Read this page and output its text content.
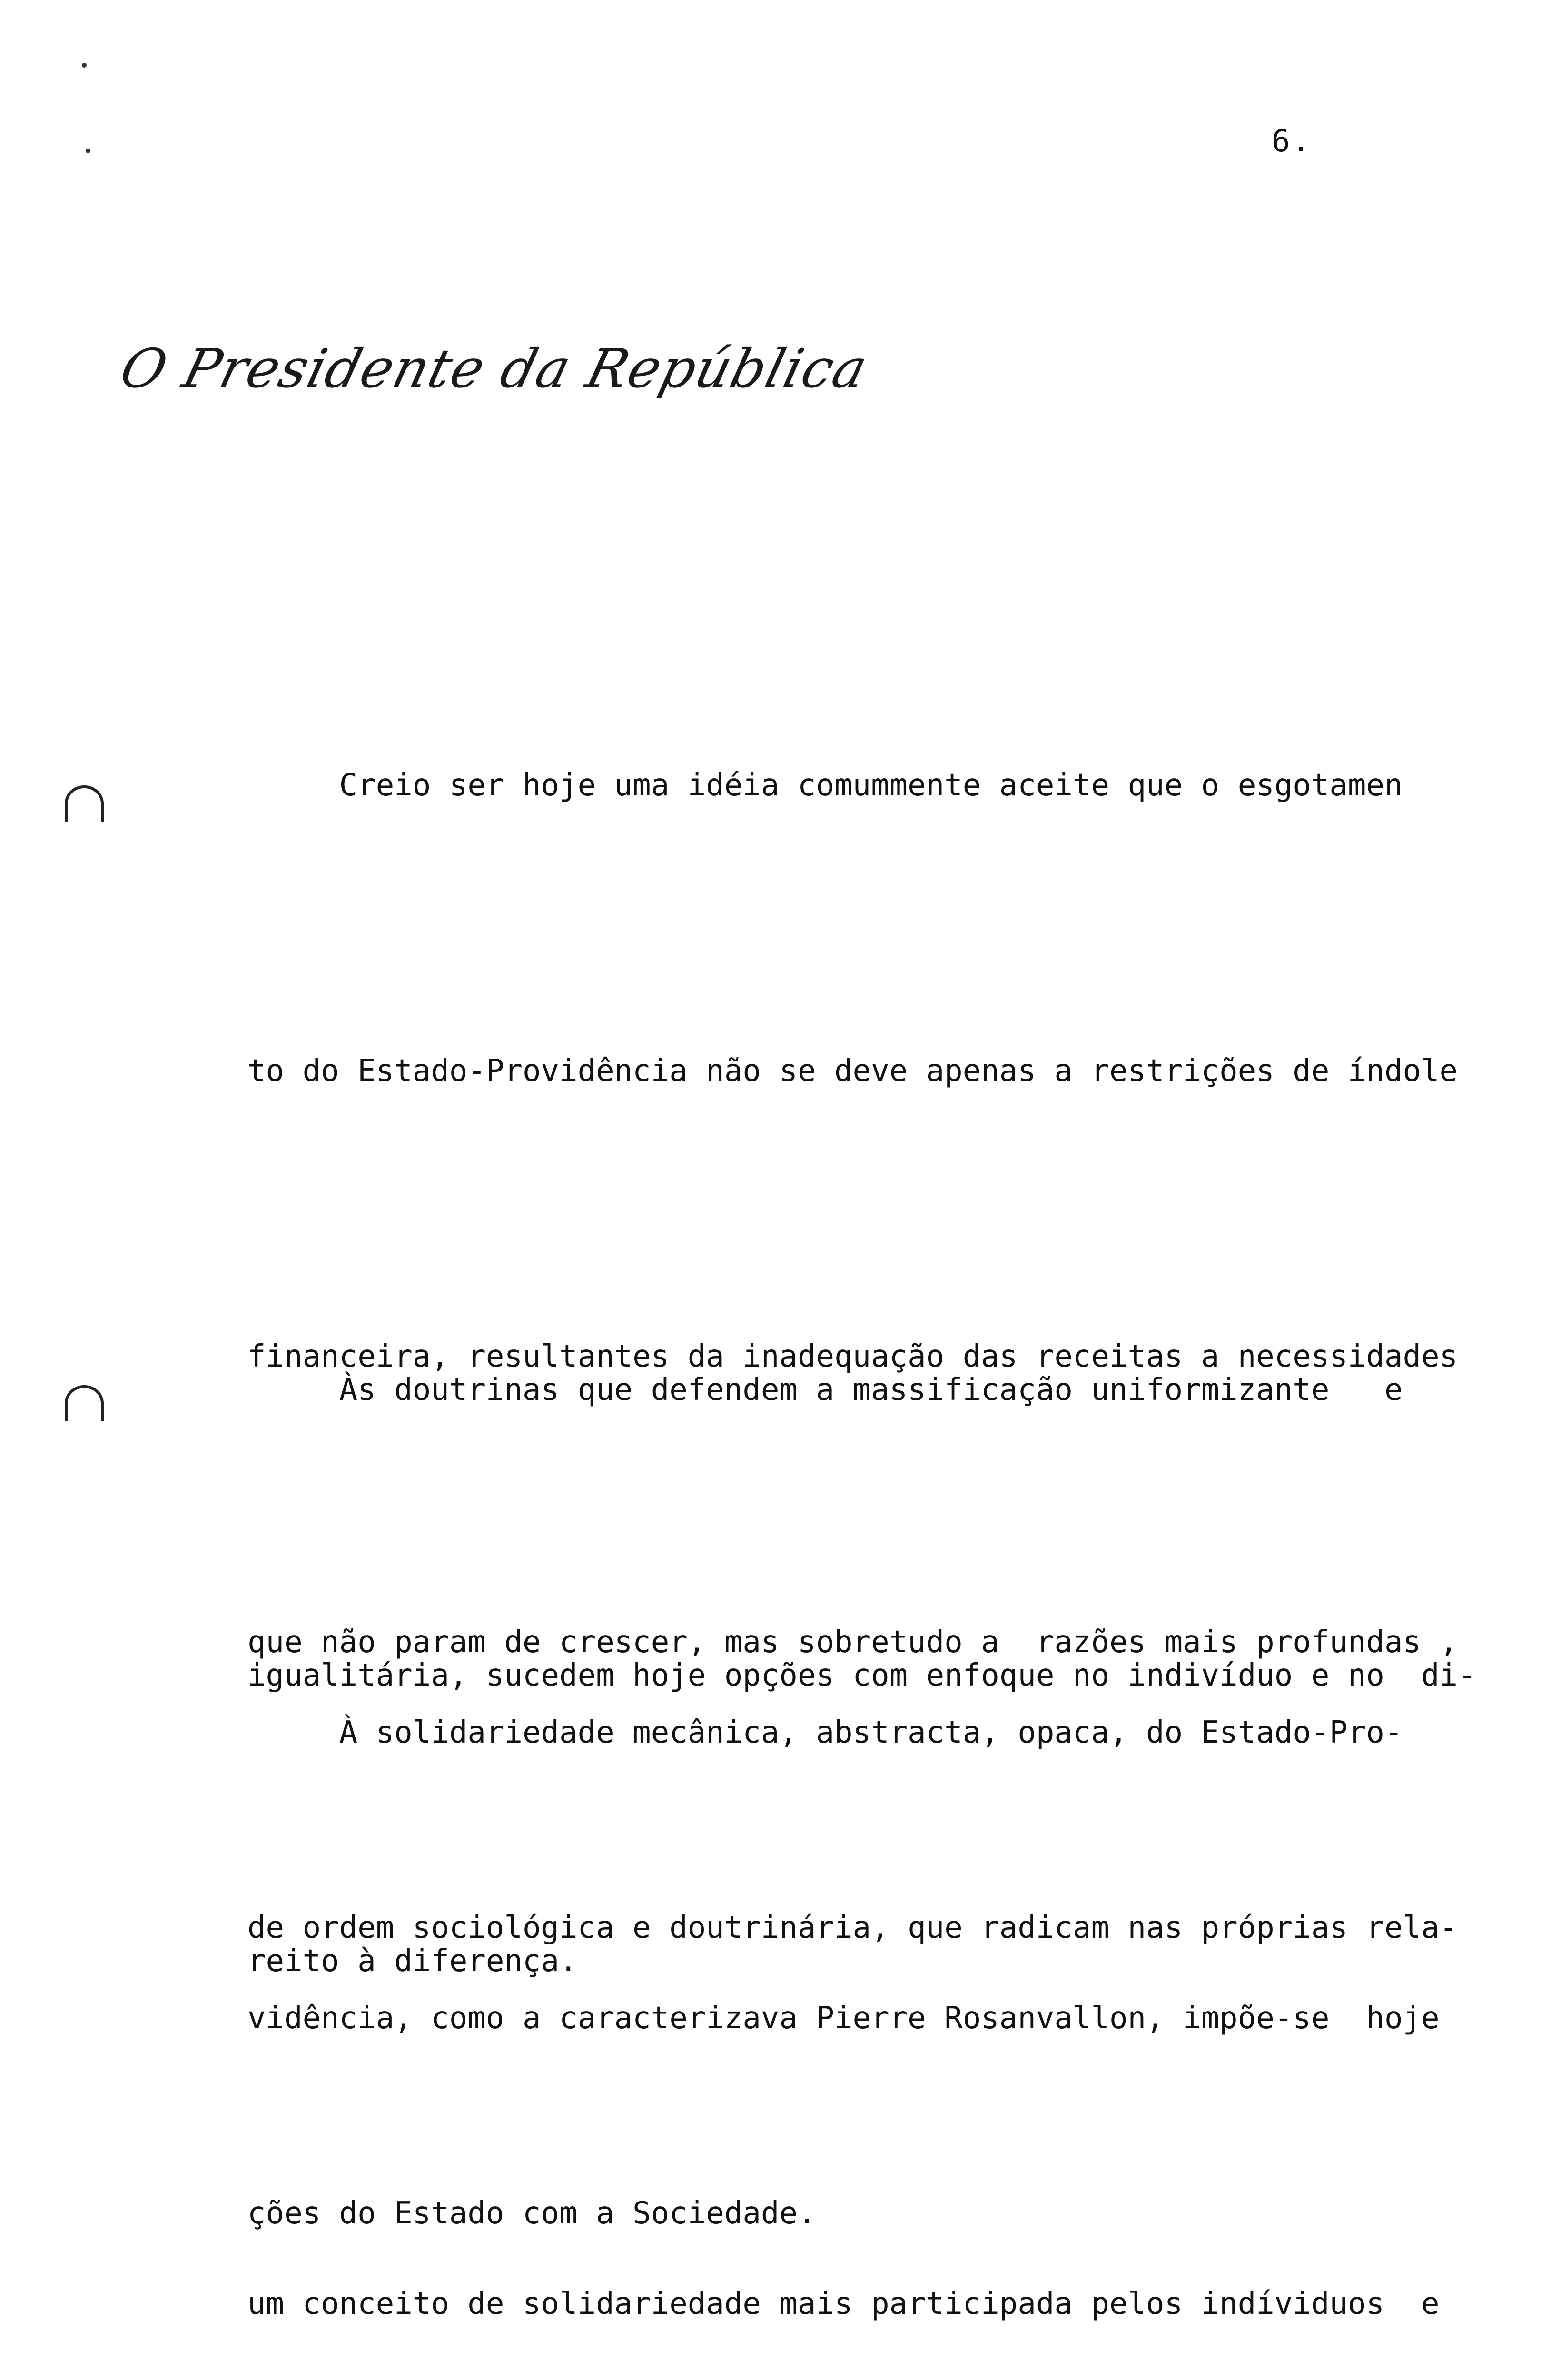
6.
O Presidente da República

Creio ser hoje uma idéia comummente aceite que o esgotamen

to do Estado-Providência não se deve apenas a restrições de índole

financeira, resultantes da inadequação das receitas a necessidades

que não param de crescer, mas sobretudo a  razões mais profundas ,

de ordem sociológica e doutrinária, que radicam nas próprias rela-

ções do Estado com a Sociedade.

Às doutrinas que defendem a massificação uniformizante   e

igualitária, sucedem hoje opções com enfoque no indivíduo e no  di-

reito à diferença.

À solidariedade mecânica, abstracta, opaca, do Estado-Pro-

vidência, como a caracterizava Pierre Rosanvallon, impõe-se  hoje

um conceito de solidariedade mais participada pelos indíviduos  e
